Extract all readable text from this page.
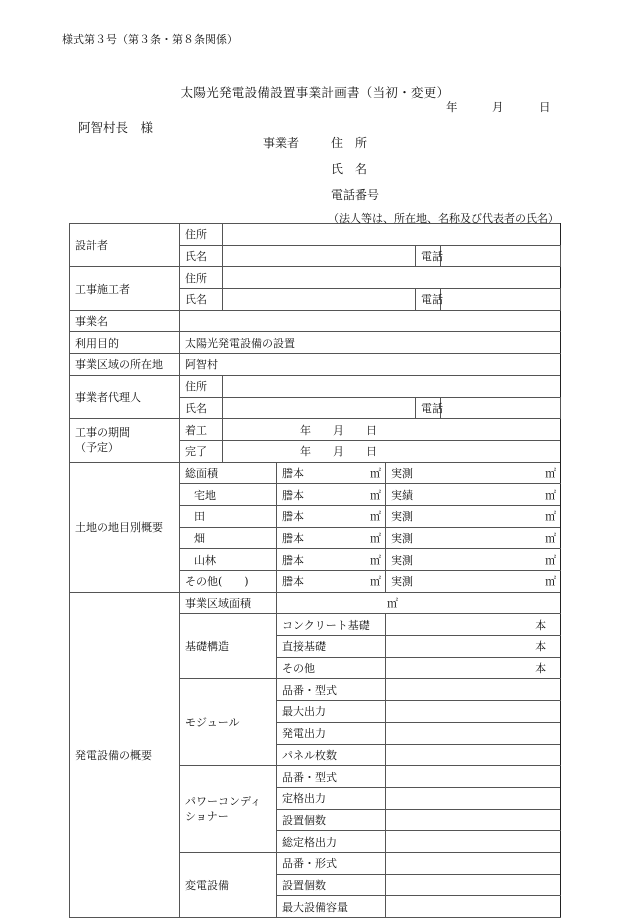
様式第３号（第３条・第８条関係）
太陽光発電設備設置事業計画書（当初・変更）
年	月	日
阿智村長　様
事業者	住　所
氏　名
電話番号
（法人等は、所在地、名称及び代表者の氏名）
設計者	住所					
	氏名				電話	
工事施工者	住所					
	氏名				電話	
事業名						
利用目的	太陽光発電設備の設置					
事業区域の所在地	阿智村					
事業者代理人	住所					
	氏名				電話	
工事の期間
（予定）	着工	年　　月　　日				
	完了	年　　月　　日				
土地の地目別概要	総面積		謄本 ㎡	実測 ㎡		

	宅地		謄本 ㎡	実績 ㎡		

	田		謄本 ㎡	実測 ㎡		

	畑		謄本 ㎡	実測 ㎡		

	山林		謄本 ㎡	実測 ㎡		

	その他(　　)		謄本 ㎡	実測 ㎡		

発電設備の概要	事業区域面積		㎡			
	基礎構造		コンクリート基礎	本		
			直接基礎	本		
			その他	本		
	モジュール		品番・型式			
			最大出力			
			発電出力			
			パネル枚数			
	パワーコンディショナー		品番・型式			
			定格出力			
			設置個数			
			総定格出力			
	変電設備		品番・形式			
			設置個数			
			最大設備容量			
